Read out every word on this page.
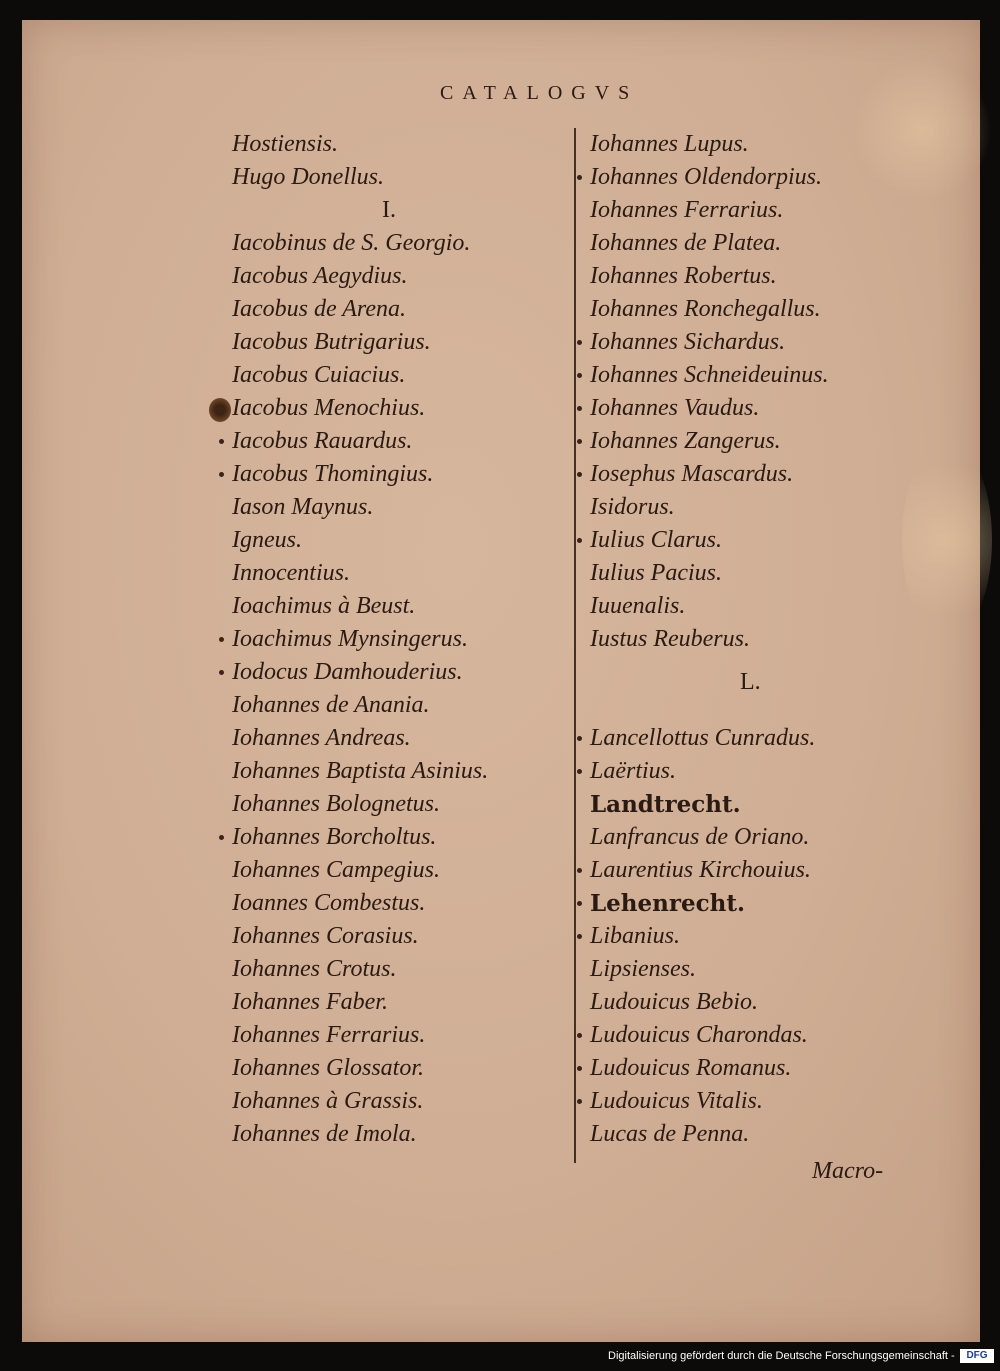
CATALOGVS
Hostiensis.
Hugo Donellus.
I.
Iacobinus de S. Georgio.
Iacobus Aegydius.
Iacobus de Arena.
Iacobus Butrigarius.
Iacobus Cuiacius.
Iacobus Menochius.
Iacobus Rauardus.
Iacobus Thomingius.
Iason Maynus.
Igneus.
Innocentius.
Ioachimus à Beust.
Ioachimus Mynsingerus.
Iodocus Damhouderius.
Iohannes de Anania.
Iohannes Andreas.
Iohannes Baptista Asinius.
Iohannes Bolognetus.
Iohannes Borcholtus.
Iohannes Campegius.
Ioannes Combestus.
Iohannes Corasius.
Iohannes Crotus.
Iohannes Faber.
Iohannes Ferrarius.
Iohannes Glossator.
Iohannes à Grassis.
Iohannes de Imola.
Iohannes Lupus.
Iohannes Oldendorpius.
Iohannes Ferrarius.
Iohannes de Platea.
Iohannes Robertus.
Iohannes Ronchegallus.
Iohannes Sichardus.
Iohannes Schneideuinus.
Iohannes Vaudus.
Iohannes Zangerus.
Iosephus Mascardus.
Isidorus.
Iulius Clarus.
Iulius Pacius.
Iuuenalis.
Iustus Reuberus.
L.
Lancellottus Cunradus.
Laërtius.
Landtrecht.
Lanfrancus de Oriano.
Laurentius Kirchouius.
Lehenrecht.
Libanius.
Lipsienses.
Ludouicus Bebio.
Ludouicus Charondas.
Ludouicus Romanus.
Ludouicus Vitalis.
Lucas de Penna.
Macro-
Digitalisierung gefördert durch die Deutsche Forschungsgemeinschaft -	DFG
